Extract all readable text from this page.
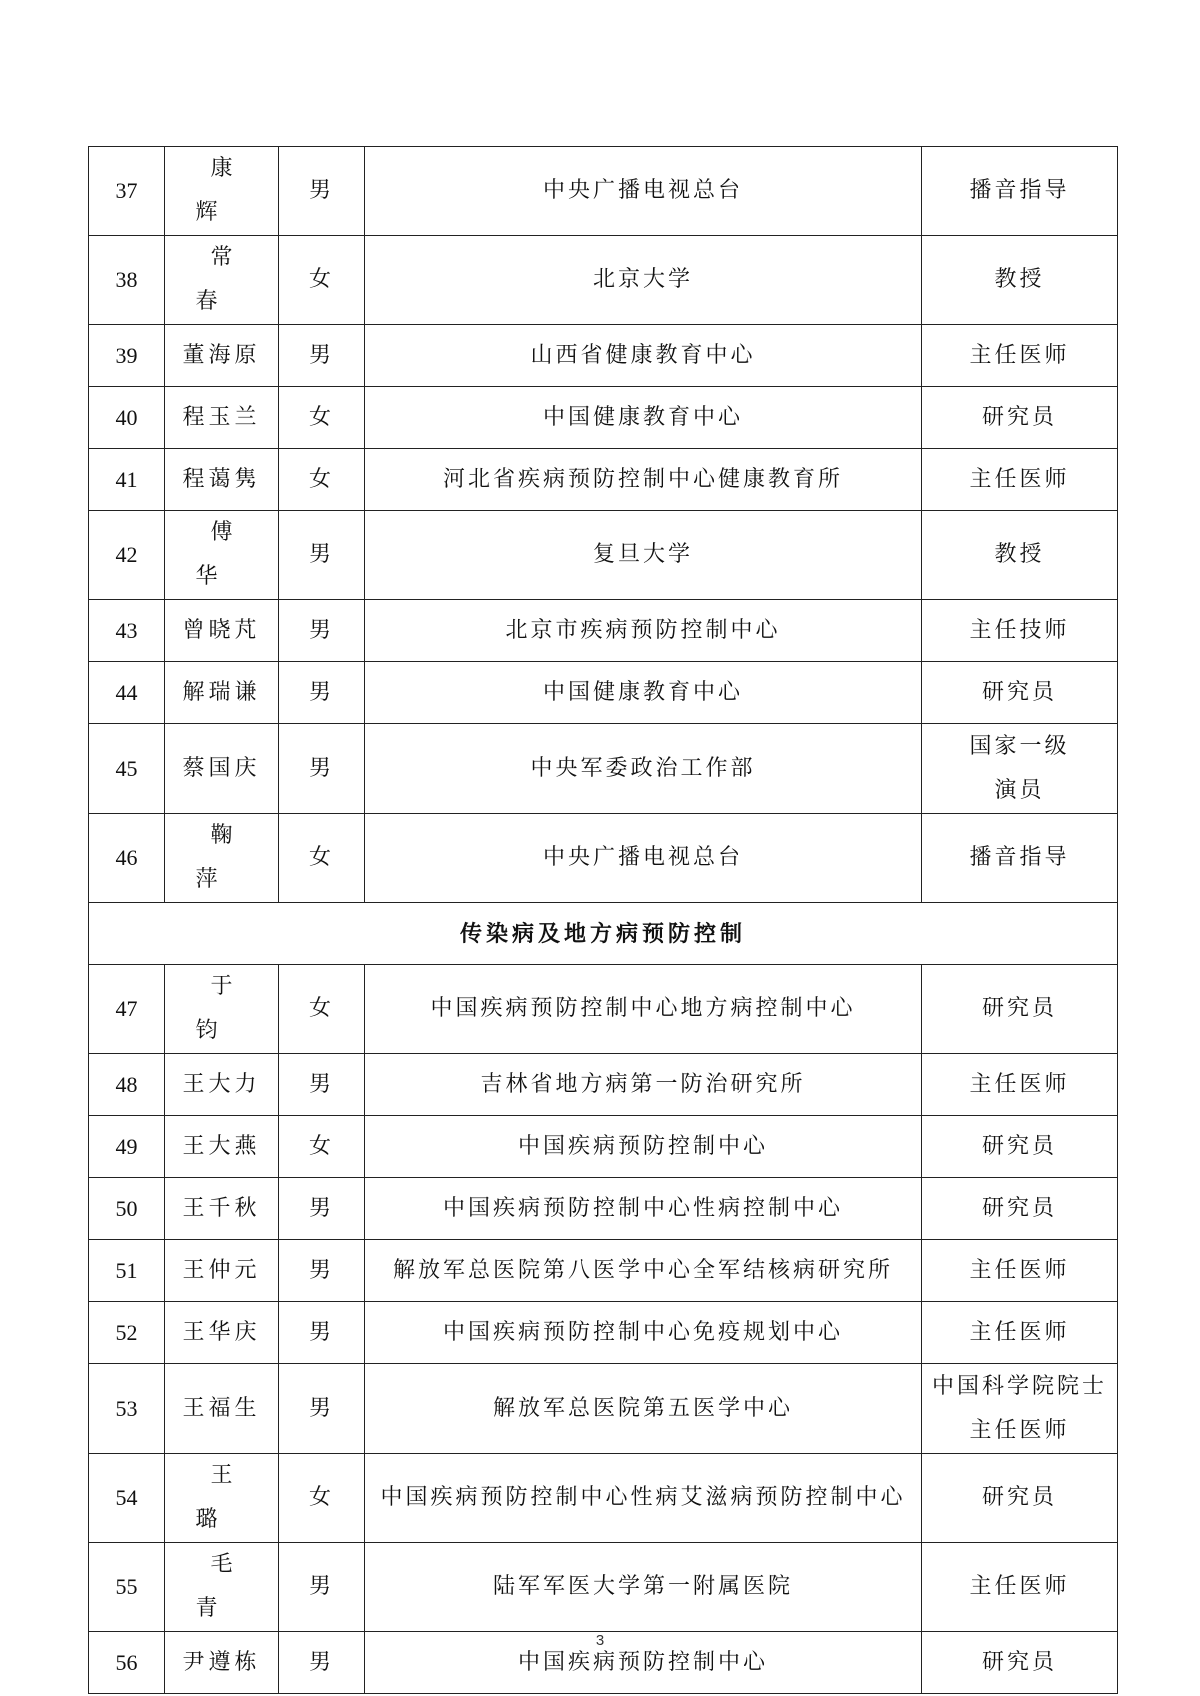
37	康 辉	男	中央广播电视总台	播音指导

38	常 春	女	北京大学	教授

39	董海原	男	山西省健康教育中心	主任医师

40	程玉兰	女	中国健康教育中心	研究员

41	程蔼隽	女	河北省疾病预防控制中心健康教育所	主任医师

42	傅 华	男	复旦大学	教授

43	曾晓芃	男	北京市疾病预防控制中心	主任技师

44	解瑞谦	男	中国健康教育中心	研究员

45	蔡国庆	男	中央军委政治工作部	国家一级
演员

46	鞠 萍	女	中央广播电视总台	播音指导

传染病及地方病预防控制				
47	于 钧	女	中国疾病预防控制中心地方病控制中心	研究员

48	王大力	男	吉林省地方病第一防治研究所	主任医师

49	王大燕	女	中国疾病预防控制中心	研究员

50	王千秋	男	中国疾病预防控制中心性病控制中心	研究员

51	王仲元	男	解放军总医院第八医学中心全军结核病研究所	主任医师

52	王华庆	男	中国疾病预防控制中心免疫规划中心	主任医师

53	王福生	男	解放军总医院第五医学中心	中国科学院院士
主任医师

54	王 璐	女	中国疾病预防控制中心性病艾滋病预防控制中心	研究员

55	毛 青	男	陆军军医大学第一附属医院	主任医师

56	尹遵栋	男	中国疾病预防控制中心	研究员
3
